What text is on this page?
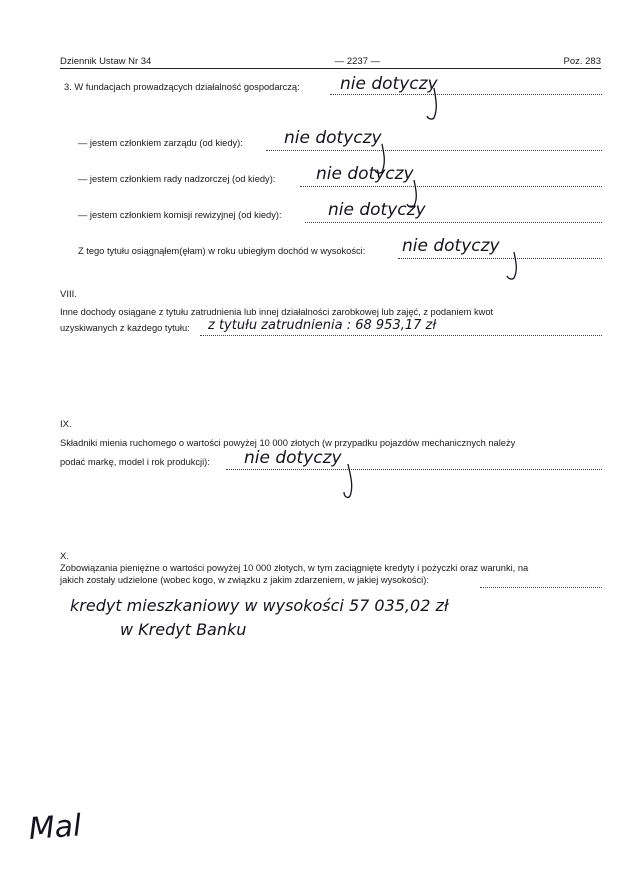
Dziennik Ustaw Nr 34	— 2237 —	Poz. 283
3. W fundacjach prowadzących działalność gospodarczą: nie dotyczy
— jestem członkiem zarządu (od kiedy): nie dotyczy
— jestem członkiem rady nadzorczej (od kiedy): nie dotyczy
— jestem członkiem komisji rewizyjnej (od kiedy):	nie dotyczy
Z tego tytułu osiągnąłem(ęłam) w roku ubiegłym dochód w wysokości: nie dotyczy
VIII.
Inne dochody osiągane z tytułu zatrudnienia lub innej działalności zarobkowej lub zajęć, z podaniem kwot
uzyskiwanych z każdego tytułu: z tytułu zatrudnienia : 68 953,17 zł
IX.
Składniki mienia ruchomego o wartości powyżej 10 000 złotych (w przypadku pojazdów mechanicznych należy
podać markę, model i rok produkcji): nie dotyczy
X.
Zobowiązania pieniężne o wartości powyżej 10 000 złotych, w tym zaciągnięte kredyty i pożyczki oraz warunki, na
jakich zostały udzielone (wobec kogo, w związku z jakim zdarzeniem, w jakiej wysokości):
kredyt mieszkaniowy w wysokości 57 035,02 zł
w Kredyt Banku
Mal
